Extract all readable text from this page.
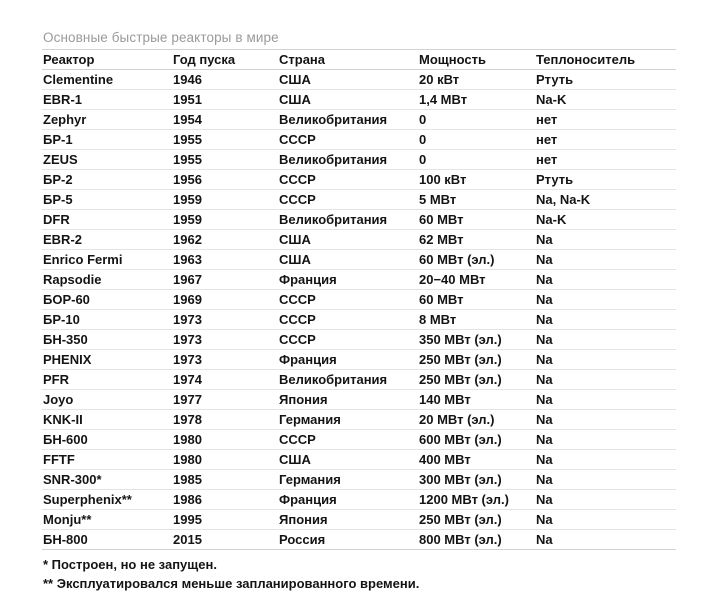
Основные быстрые реакторы в мире
Реактор	Год пуска	Страна	Мощность	Теплоноситель
Clementine	1946	США	20 кВт	Ртуть
EBR-1	1951	США	1,4 МВт	Na-K
Zephyr	1954	Великобритания	0	нет
БР-1	1955	СССР	0	нет
ZEUS	1955	Великобритания	0	нет
БР-2	1956	СССР	100 кВт	Ртуть
БР-5	1959	СССР	5 МВт	Na, Na-K
DFR	1959	Великобритания	60 МВт	Na-K
EBR-2	1962	США	62 МВт	Na
Enrico Fermi	1963	США	60 МВт (эл.)	Na
Rapsodie	1967	Франция	20−40 МВт	Na
БОР-60	1969	СССР	60 МВт	Na
БР-10	1973	СССР	8 МВт	Na
БН-350	1973	СССР	350 МВт (эл.)	Na
PHENIX	1973	Франция	250 МВт (эл.)	Na
PFR	1974	Великобритания	250 МВт (эл.)	Na
Joyo	1977	Япония	140 МВт	Na
KNK-II	1978	Германия	20 МВт (эл.)	Na
БН-600	1980	СССР	600 МВт (эл.)	Na
FFTF	1980	США	400 МВт	Na
SNR-300*	1985	Германия	300 МВт (эл.)	Na
Superphenix**	1986	Франция	1200 МВт (эл.)	Na
Monju**	1995	Япония	250 МВт (эл.)	Na
БН-800	2015	Россия	800 МВт (эл.)	Na
* Построен, но не запущен.
** Эксплуатировался меньше запланированного времени.
